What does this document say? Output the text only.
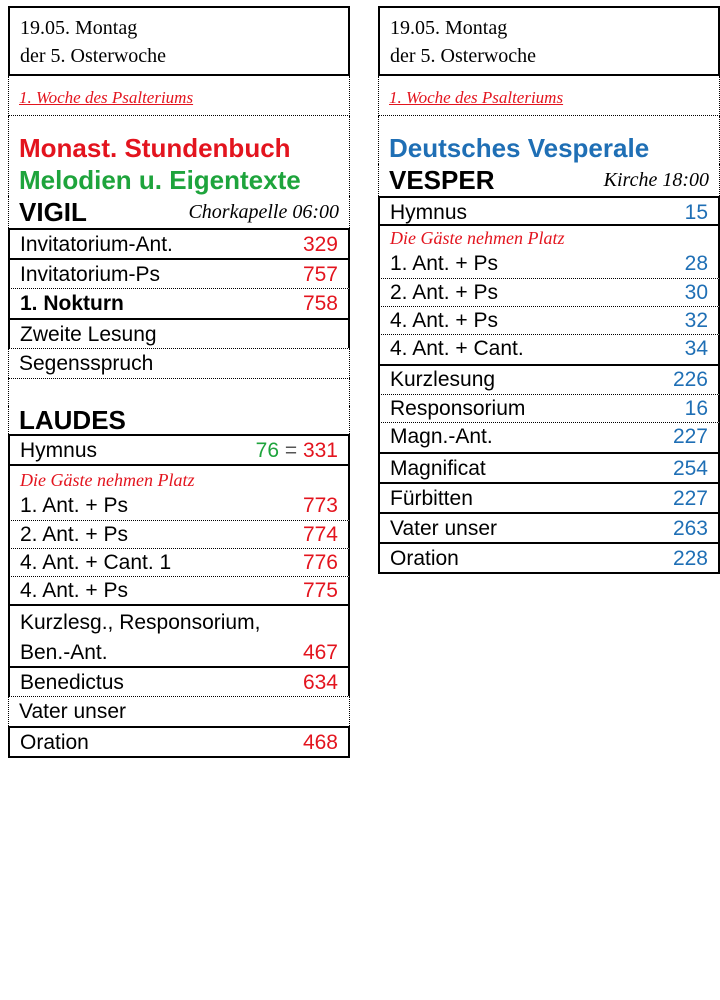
19.05. Montag
der 5. Osterwoche
1. Woche des Psalteriums
Monast. Stundenbuch
Melodien u. Eigentexte
VIGIL	Chorkapelle 06:00
Invitatorium-Ant.	329
Invitatorium-Ps	757
1. Nokturn	758
Zweite Lesung
Segensspruch
LAUDES
Hymnus	76 = 331
Die Gäste nehmen Platz
1. Ant. + Ps	773
2. Ant. + Ps	774
4. Ant. + Cant. 1	776
4. Ant. + Ps	775
Kurzlesg., Responsorium,
Ben.-Ant.	467
Benedictus	634
Vater unser
Oration	468
19.05. Montag
der 5. Osterwoche
1. Woche des Psalteriums
Deutsches Vesperale
VESPER	Kirche 18:00
Hymnus	15
Die Gäste nehmen Platz
1. Ant. + Ps	28
2. Ant. + Ps	30
4. Ant. + Ps	32
4. Ant. + Cant.	34
Kurzlesung	226
Responsorium	16
Magn.-Ant.	227
Magnificat	254
Fürbitten	227
Vater unser	263
Oration	228
